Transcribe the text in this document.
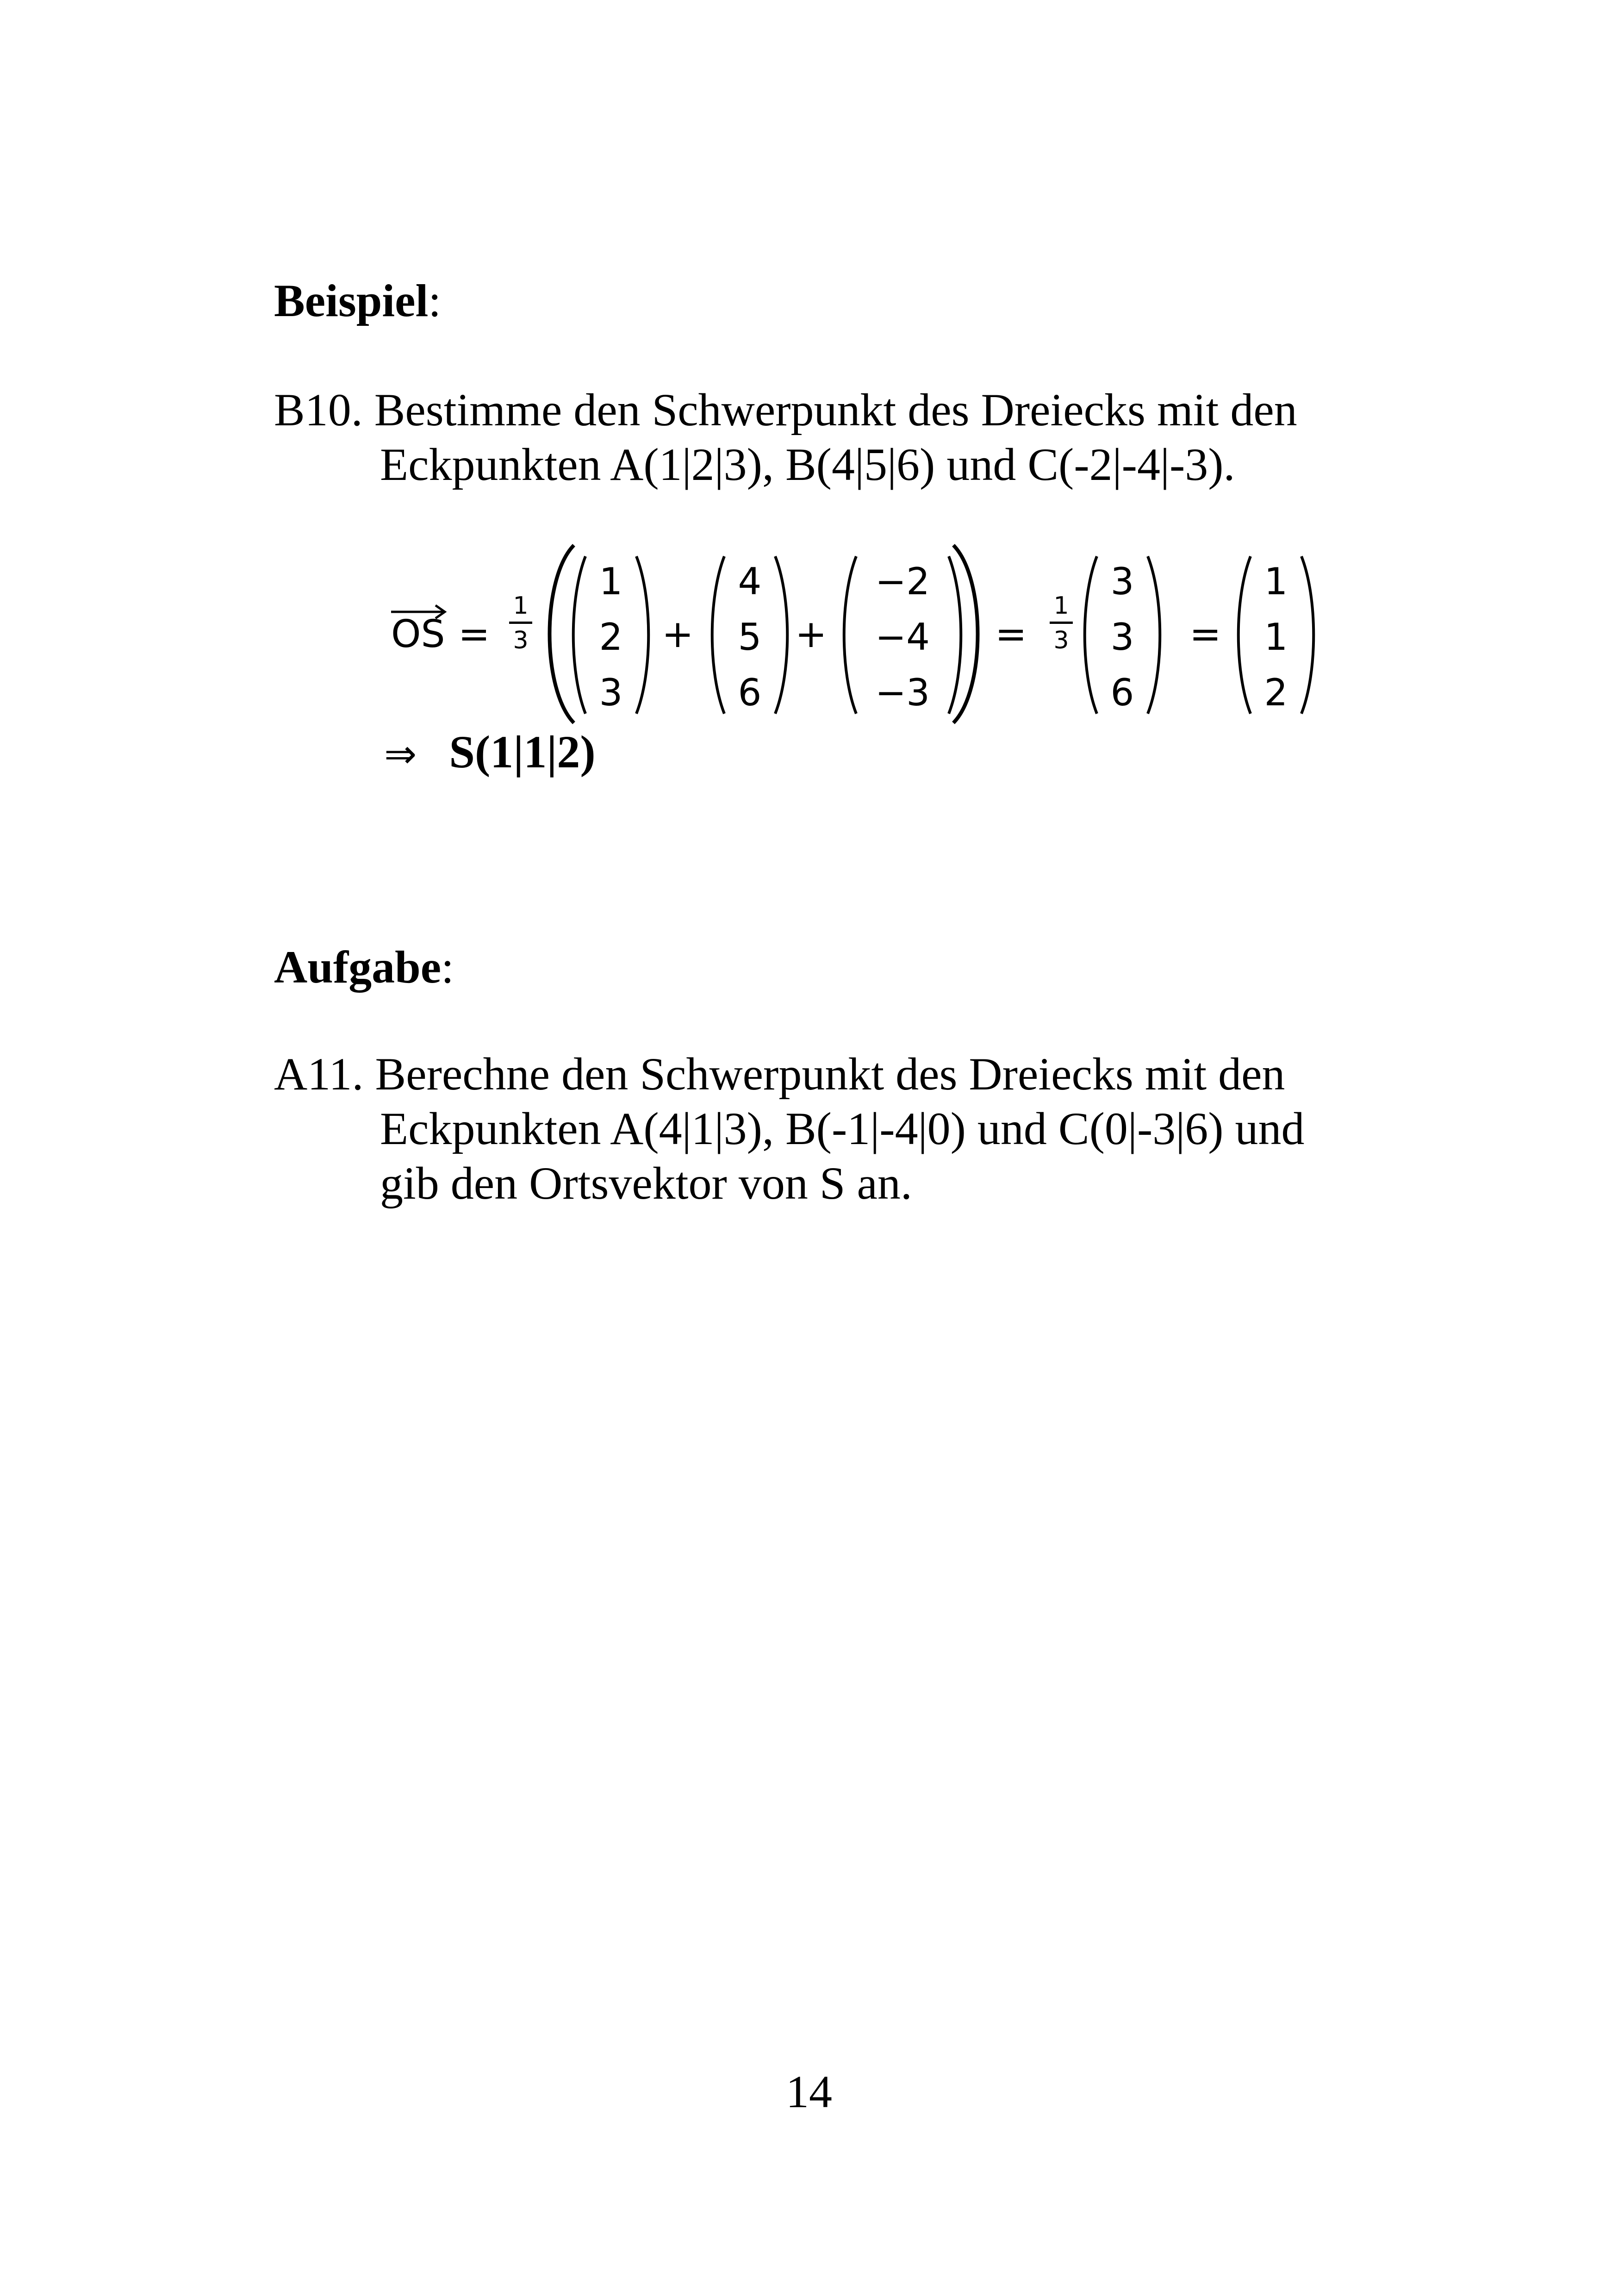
Beispiel:
B10. Bestimme den Schwerpunkt des Dreiecks mit den
Eckpunkten A(1|2|3), B(4|5|6) und C(-2|-4|-3).
OS =
1
3
1
2
3
+
4
5
6
+
−2
−4
−3
=
1
3
3
3
6
=
1
1
2
⇒ S(1|1|2)
Aufgabe:
A11. Berechne den Schwerpunkt des Dreiecks mit den
Eckpunkten A(4|1|3), B(-1|-4|0) und C(0|-3|6) und
gib den Ortsvektor von S an.
14
